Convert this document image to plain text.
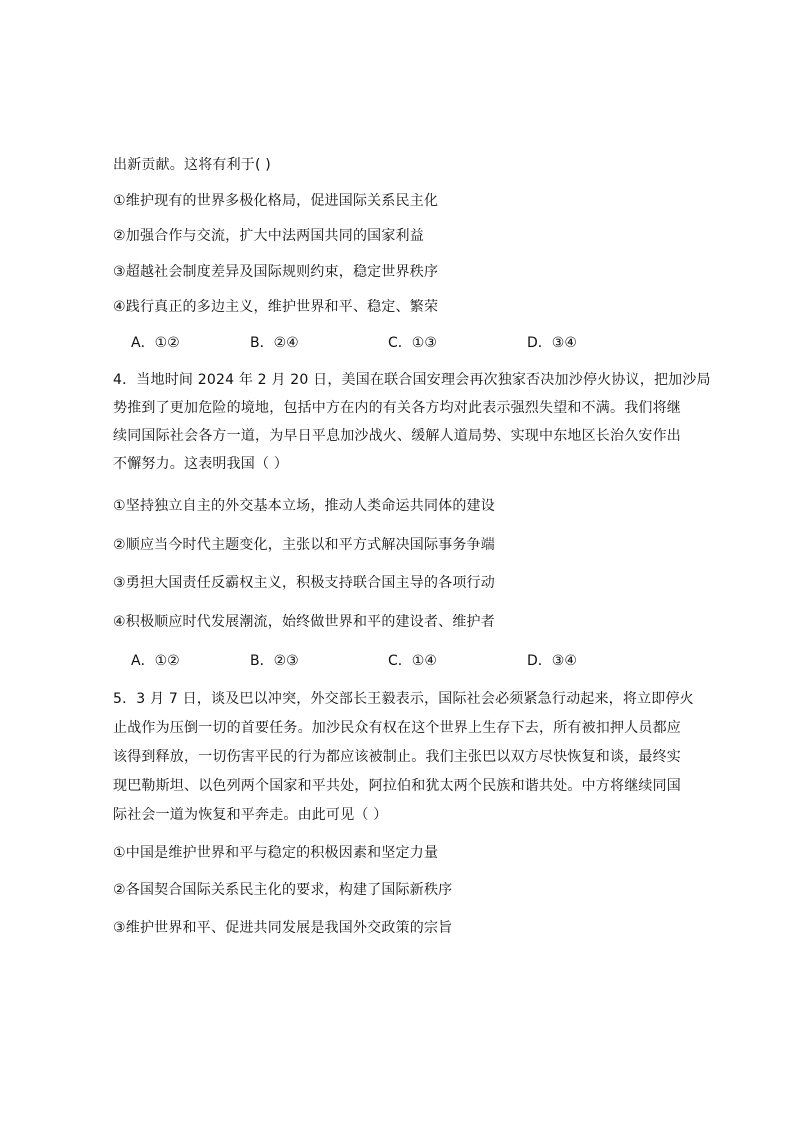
出新贡献。这将有利于( )
①维护现有的世界多极化格局，促进国际关系民主化
②加强合作与交流，扩大中法两国共同的国家利益
③超越社会制度差异及国际规则约束，稳定世界秩序
④践行真正的多边主义，维护世界和平、稳定、繁荣
A．①②	B．②④	C．①③	D．③④
4．当地时间 2024 年 2 月 20 日，美国在联合国安理会再次独家否决加沙停火协议，把加沙局
势推到了更加危险的境地，包括中方在内的有关各方均对此表示强烈失望和不满。我们将继
续同国际社会各方一道，为早日平息加沙战火、缓解人道局势、实现中东地区长治久安作出
不懈努力。这表明我国（ ）
①坚持独立自主的外交基本立场，推动人类命运共同体的建设
②顺应当今时代主题变化，主张以和平方式解决国际事务争端
③勇担大国责任反霸权主义，积极支持联合国主导的各项行动
④积极顺应时代发展潮流，始终做世界和平的建设者、维护者
A．①②	B．②③	C．①④	D．③④
5．3 月 7 日，谈及巴以冲突，外交部长王毅表示，国际社会必须紧急行动起来，将立即停火
止战作为压倒一切的首要任务。加沙民众有权在这个世界上生存下去，所有被扣押人员都应
该得到释放，一切伤害平民的行为都应该被制止。我们主张巴以双方尽快恢复和谈，最终实
现巴勒斯坦、以色列两个国家和平共处，阿拉伯和犹太两个民族和谐共处。中方将继续同国
际社会一道为恢复和平奔走。由此可见（ ）
①中国是维护世界和平与稳定的积极因素和坚定力量
②各国契合国际关系民主化的要求，构建了国际新秩序
③维护世界和平、促进共同发展是我国外交政策的宗旨
